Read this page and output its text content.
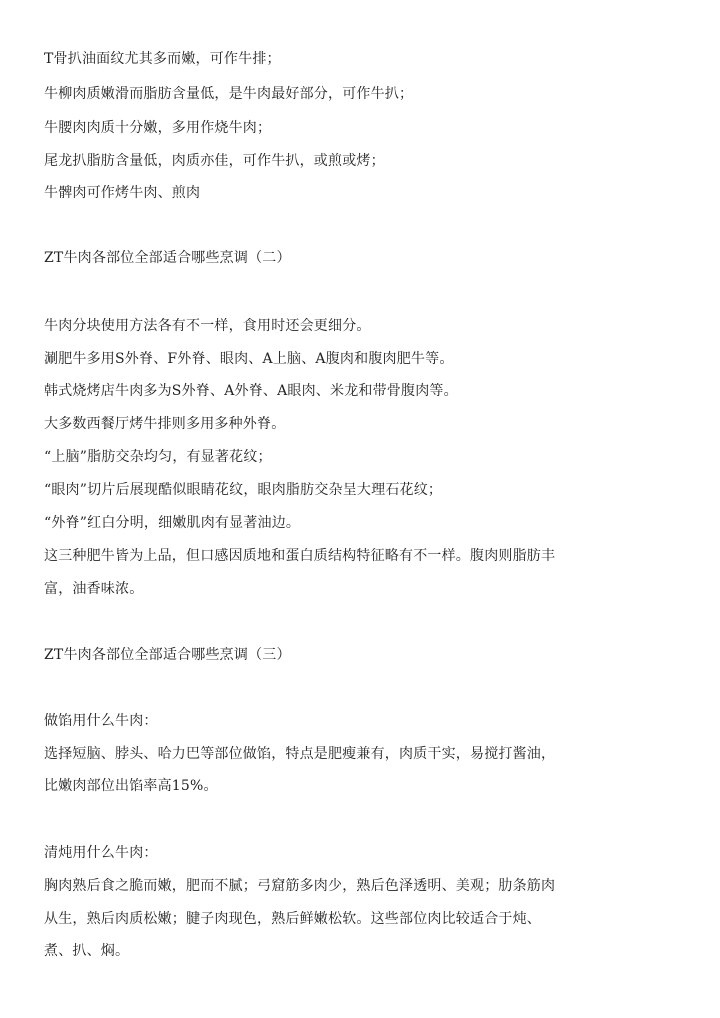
T骨扒油面纹尤其多而嫩，可作牛排；
牛柳肉质嫩滑而脂肪含量低，是牛肉最好部分，可作牛扒；
牛腰肉肉质十分嫩，多用作烧牛肉；
尾龙扒脂肪含量低，肉质亦佳，可作牛扒，或煎或烤；
牛髀肉可作烤牛肉、煎肉
ZT牛肉各部位全部适合哪些烹调（二）
牛肉分块使用方法各有不一样，食用时还会更细分。
涮肥牛多用S外脊、F外脊、眼肉、A上脑、A腹肉和腹肉肥牛等。
韩式烧烤店牛肉多为S外脊、A外脊、A眼肉、米龙和带骨腹肉等。
大多数西餐厅烤牛排则多用多种外脊。
“上脑”脂肪交杂均匀，有显著花纹；
“眼肉”切片后展现酷似眼睛花纹，眼肉脂肪交杂呈大理石花纹；
“外脊”红白分明，细嫩肌肉有显著油边。
这三种肥牛皆为上品，但口感因质地和蛋白质结构特征略有不一样。腹肉则脂肪丰
富，油香味浓。
ZT牛肉各部位全部适合哪些烹调（三）
做馅用什么牛肉：
选择短脑、脖头、哈力巴等部位做馅，特点是肥瘦兼有，肉质干实，易搅打酱油，
比嫩肉部位出馅率高15%。
清炖用什么牛肉：
胸肉熟后食之脆而嫩，肥而不腻；弓窟筋多肉少，熟后色泽透明、美观；肋条筋肉
从生，熟后肉质松嫩；腱子肉现色，熟后鲜嫩松软。这些部位肉比较适合于炖、
煮、扒、焖。
